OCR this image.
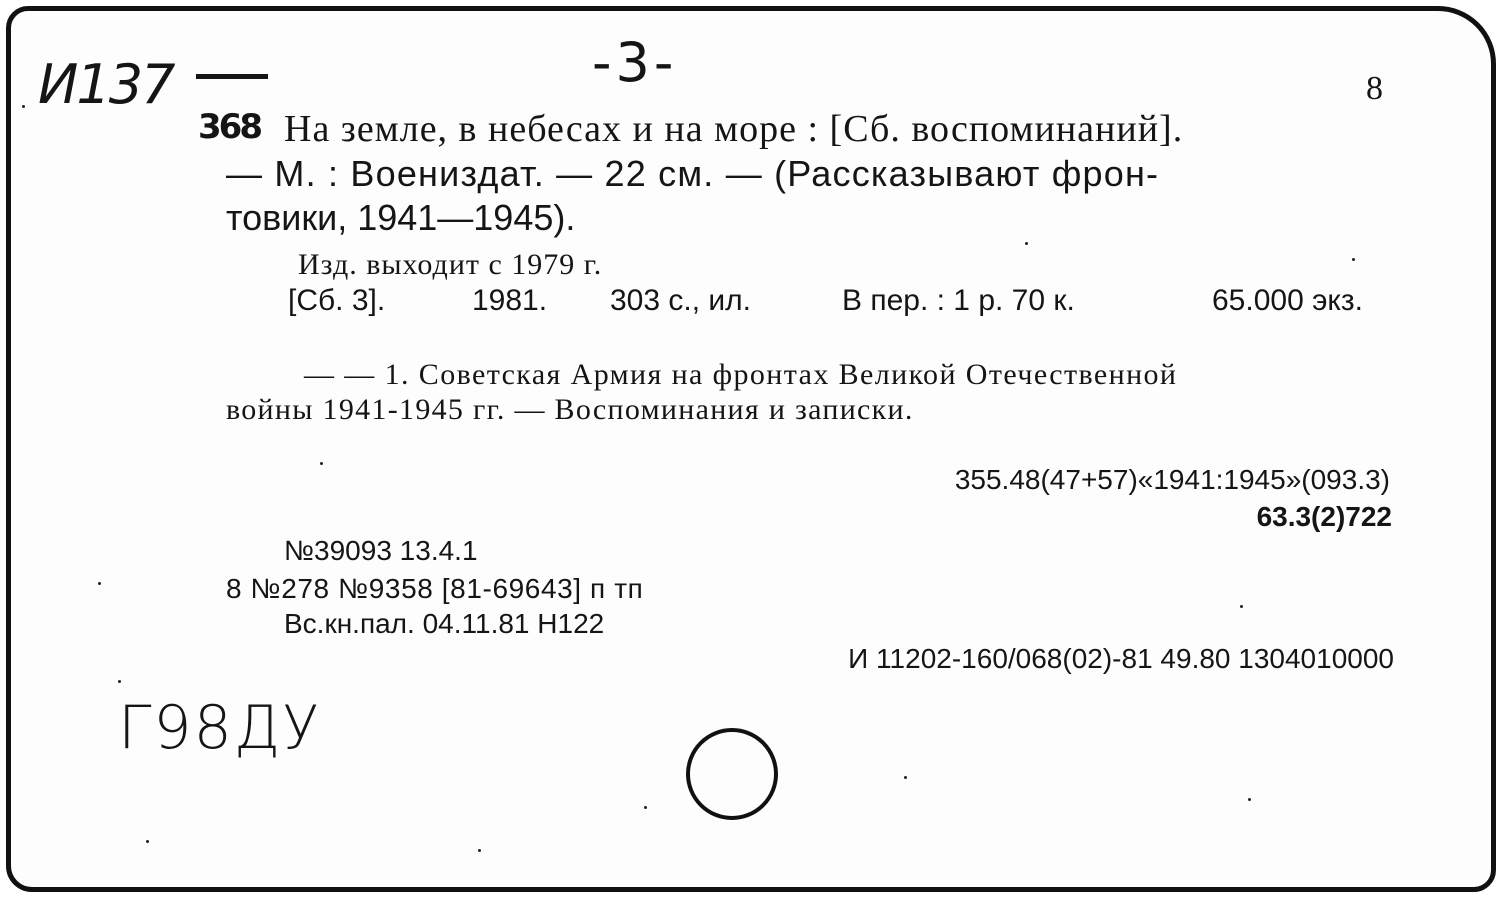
И137
368
-3-
Г98ДУ
8
На земле, в небесах и на море : [Сб. воспоминаний].
— М. : Воениздат. — 22 см. — (Рассказывают фрон-
товики, 1941—1945).
Изд. выходит с 1979 г.
[Сб. 3].	1981. 303 с., ил.	В пер. : 1 р. 70 к.	65.000 экз.
— — 1. Советская Армия на фронтах Великой Отечественной
войны 1941-1945 гг. — Воспоминания и записки.
355.48(47+57)«1941:1945»(093.3)
63.3(2)722
№39093 13.4.1
8 №278 №9358 [81-69643] п тп
Вс.кн.пал. 04.11.81 Н122
И 11202-160/068(02)-81 49.80 1304010000
